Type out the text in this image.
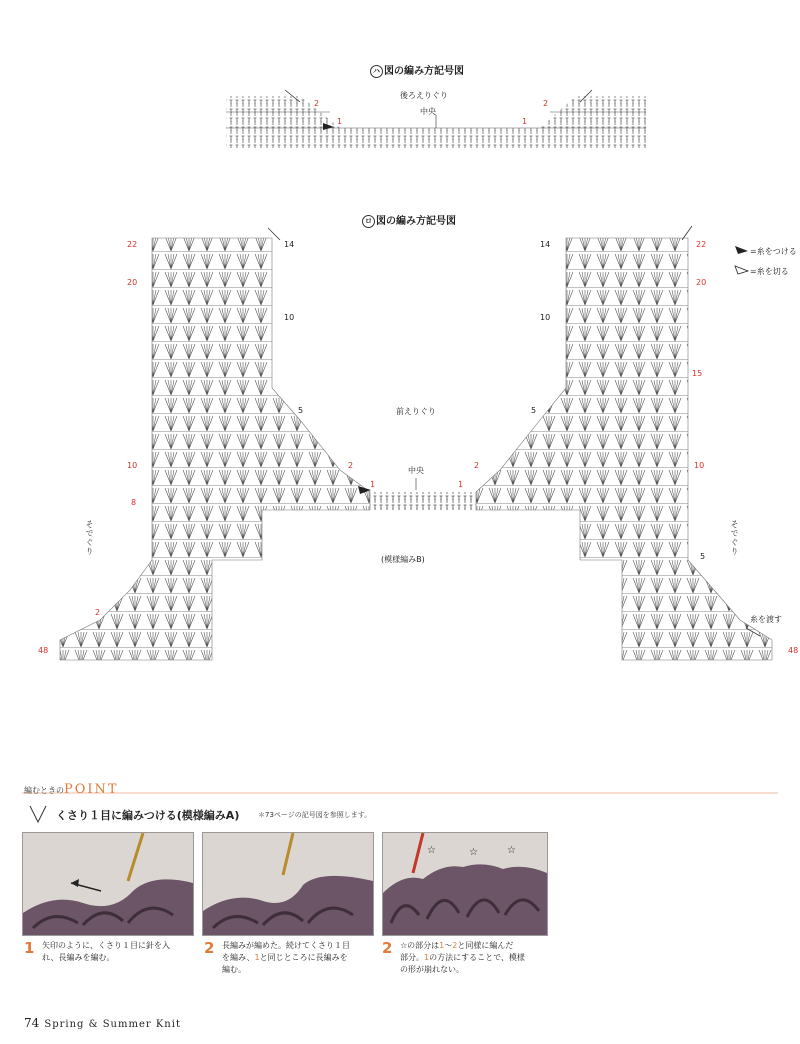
ハ 図の編み方記号図
後ろえりぐり
中央
2
1
2
1
ロ 図の編み方記号図
22
20
10
8
2
48
14
10
5
2
1
22
20
15
10
5
48
14
10
5
2
1
前えりぐり
中央
(模様編みB)
そでぐり	そでぐり
糸を渡す
=糸をつける
=糸を切る
編むときのPOINT
くさり１目に編みつける(模様編みA)	＊73ページの記号図を参照します。
☆	☆	☆
1 矢印のように、くさり１目に針を入
れ、長編みを編む。
2 長編みが編めた。続けてくさり１目
を編み、1と同じところに長編みを
編む。
2 ☆の部分は1～2と同様に編んだ
部分。1の方法にすることで、模様
の形が崩れない。
74 Spring & Summer Knit
